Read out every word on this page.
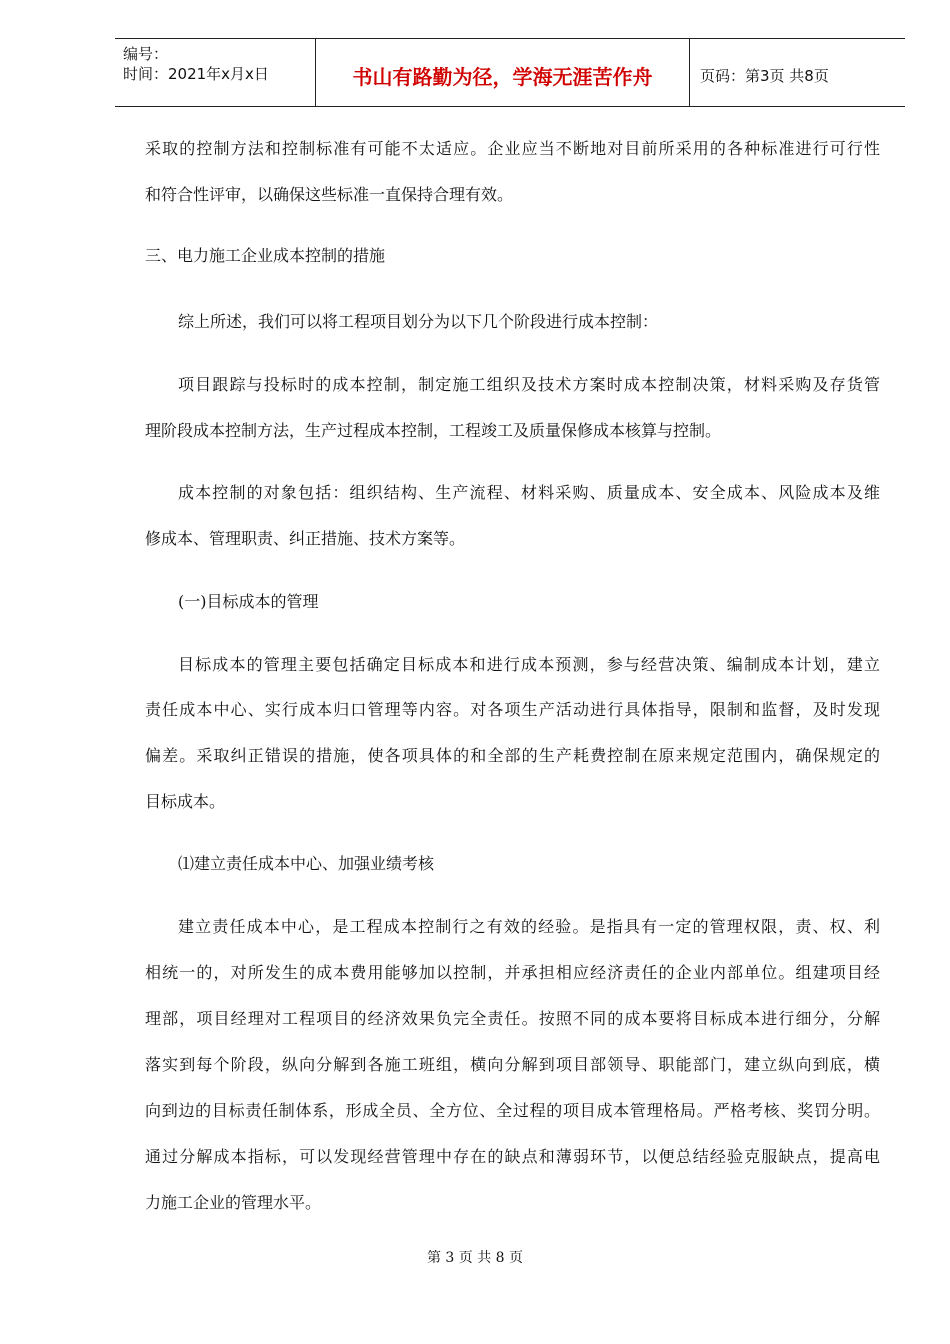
编号：
时间：2021年x月x日	书山有路勤为径，学海无涯苦作舟	页码：第3页 共8页
采取的控制方法和控制标准有可能不太适应。企业应当不断地对目前所采用的各种标准进行可行性
和符合性评审，以确保这些标准一直保持合理有效。
三、电力施工企业成本控制的措施
综上所述，我们可以将工程项目划分为以下几个阶段进行成本控制：
项目跟踪与投标时的成本控制，制定施工组织及技术方案时成本控制决策，材料采购及存货管
理阶段成本控制方法，生产过程成本控制，工程竣工及质量保修成本核算与控制。
成本控制的对象包括：组织结构、生产流程、材料采购、质量成本、安全成本、风险成本及维
修成本、管理职责、纠正措施、技术方案等。
(一)目标成本的管理
目标成本的管理主要包括确定目标成本和进行成本预测，参与经营决策、编制成本计划，建立
责任成本中心、实行成本归口管理等内容。对各项生产活动进行具体指导，限制和监督，及时发现
偏差。采取纠正错误的措施，使各项具体的和全部的生产耗费控制在原来规定范围内，确保规定的
目标成本。
⑴建立责任成本中心、加强业绩考核
建立责任成本中心，是工程成本控制行之有效的经验。是指具有一定的管理权限，责、权、利
相统一的，对所发生的成本费用能够加以控制，并承担相应经济责任的企业内部单位。组建项目经
理部，项目经理对工程项目的经济效果负完全责任。按照不同的成本要将目标成本进行细分，分解
落实到每个阶段，纵向分解到各施工班组，横向分解到项目部领导、职能部门，建立纵向到底，横
向到边的目标责任制体系，形成全员、全方位、全过程的项目成本管理格局。严格考核、奖罚分明。
通过分解成本指标，可以发现经营管理中存在的缺点和薄弱环节，以便总结经验克服缺点，提高电
力施工企业的管理水平。
第 3 页 共 8 页
